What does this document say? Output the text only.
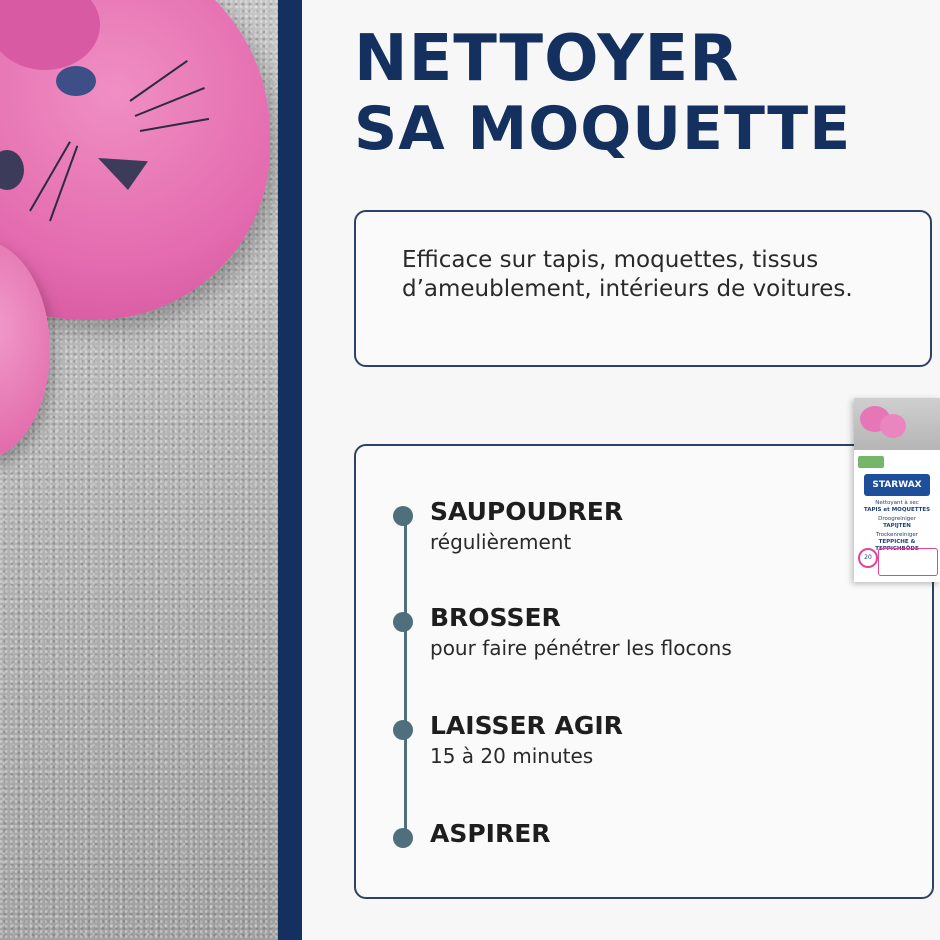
NETTOYER
SA MOQUETTE

Efficace sur tapis, moquettes, tissus d’ameublement, intérieurs de voitures.

SAUPOUDRER
régulièrement
BROSSER
pour faire pénétrer les flocons
LAISSER AGIR
15 à 20 minutes
ASPIRER
STARWAX
Nettoyant à sec
TAPIS et MOQUETTES
Droogreiniger
TAPIJTEN
Trockenreiniger
TEPPICHE & TEPPICHBÖDE
20
